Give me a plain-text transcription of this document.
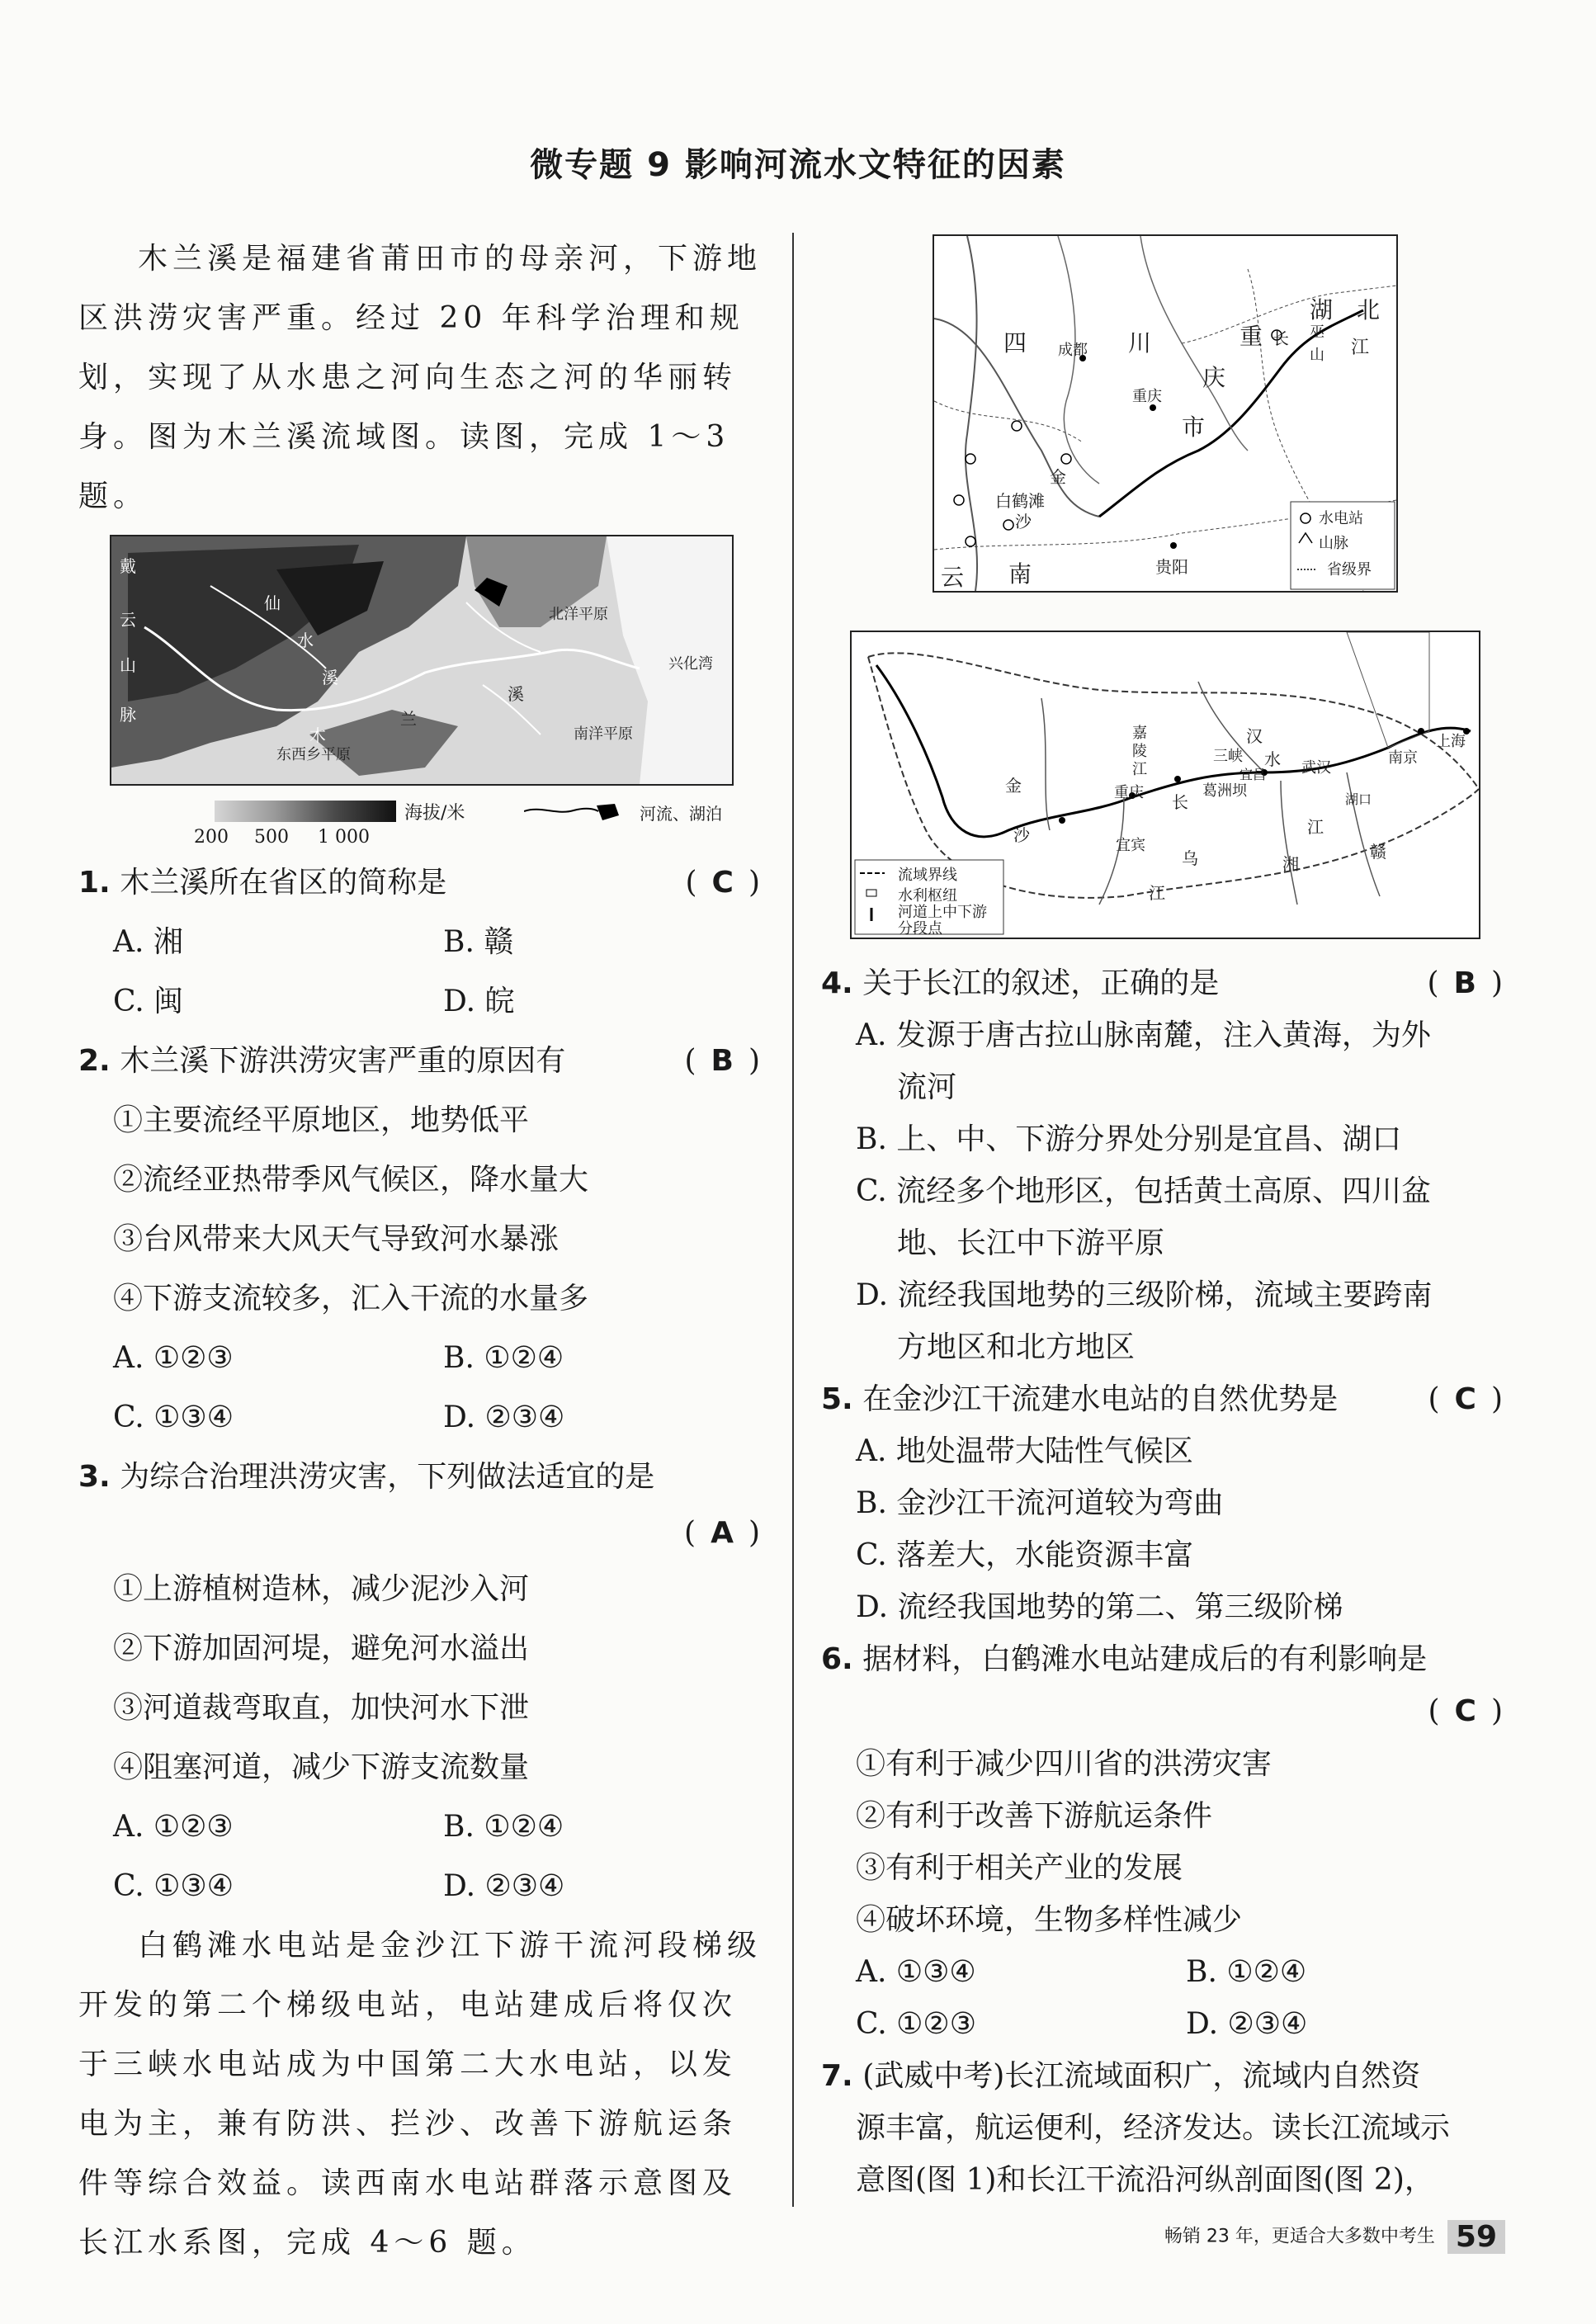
微专题 9 影响河流水文特征的因素

木兰溪是福建省莆田市的母亲河，下游地区洪涝灾害严重。经过 20 年科学治理和规划，实现了从水患之河向生态之河的华丽转身。图为木兰溪流域图。读图，完成 1～3 题。

戴
云
山
脉
仙
水
溪
北洋平原
兴化湾
木
兰
溪
东西乡平原
南洋平原
海拔/米
200 500 1 000
河流、湖泊
1. 木兰溪所在省区的简称是	( C )
A. 湘	B. 赣
C. 闽	D. 皖
2. 木兰溪下游洪涝灾害严重的原因有	( B )
①主要流经平原地区，地势低平
②流经亚热带季风气候区，降水量大
③台风带来大风天气导致河水暴涨
④下游支流较多，汇入干流的水量多
A. ①②③	B. ①②④
C. ①③④	D. ②③④
3. 为综合治理洪涝灾害，下列做法适宜的是
( A )
①上游植树造林，减少泥沙入河
②下游加固河堤，避免河水溢出
③河道裁弯取直，加快河水下泄
④阻塞河道，减少下游支流数量
A. ①②③	B. ①②④
C. ①③④	D. ②③④

白鹤滩水电站是金沙江下游干流河段梯级开发的第二个梯级电站，电站建成后将仅次于三峡水电站成为中国第二大水电站，以发电为主，兼有防洪、拦沙、改善下游航运条件等综合效益。读西南水电站群落示意图及长江水系图，完成 4～6 题。

四	川
成都
重
庆
市
重庆
长 巫
山
湖 北
江
金
白鹤滩
沙
贵阳
云 南
水电站
山脉
省级界
金
沙
宜宾
重庆
嘉
陵
江
长
三峡
葛洲坝
宜昌
汉
水 武汉
湖口
南京
上海
湘
赣
乌
江
江
流域界线
水利枢纽
河道上中下游分段点
4. 关于长江的叙述，正确的是	( B )
A. 发源于唐古拉山脉南麓，注入黄海，为外
流河
B. 上、中、下游分界处分别是宜昌、湖口
C. 流经多个地形区，包括黄土高原、四川盆
地、长江中下游平原
D. 流经我国地势的三级阶梯，流域主要跨南
方地区和北方地区
5. 在金沙江干流建水电站的自然优势是	( C )
A. 地处温带大陆性气候区
B. 金沙江干流河道较为弯曲
C. 落差大，水能资源丰富
D. 流经我国地势的第二、第三级阶梯
6. 据材料，白鹤滩水电站建成后的有利影响是
( C )
①有利于减少四川省的洪涝灾害
②有利于改善下游航运条件
③有利于相关产业的发展
④破坏环境，生物多样性减少
A. ①③④	B. ①②④
C. ①②③	D. ②③④
7. (武威中考)长江流域面积广，流域内自然资
源丰富，航运便利，经济发达。读长江流域示
意图(图 1)和长江干流沿河纵剖面图(图 2)，
畅销 23 年，更适合大多数中考生 59
